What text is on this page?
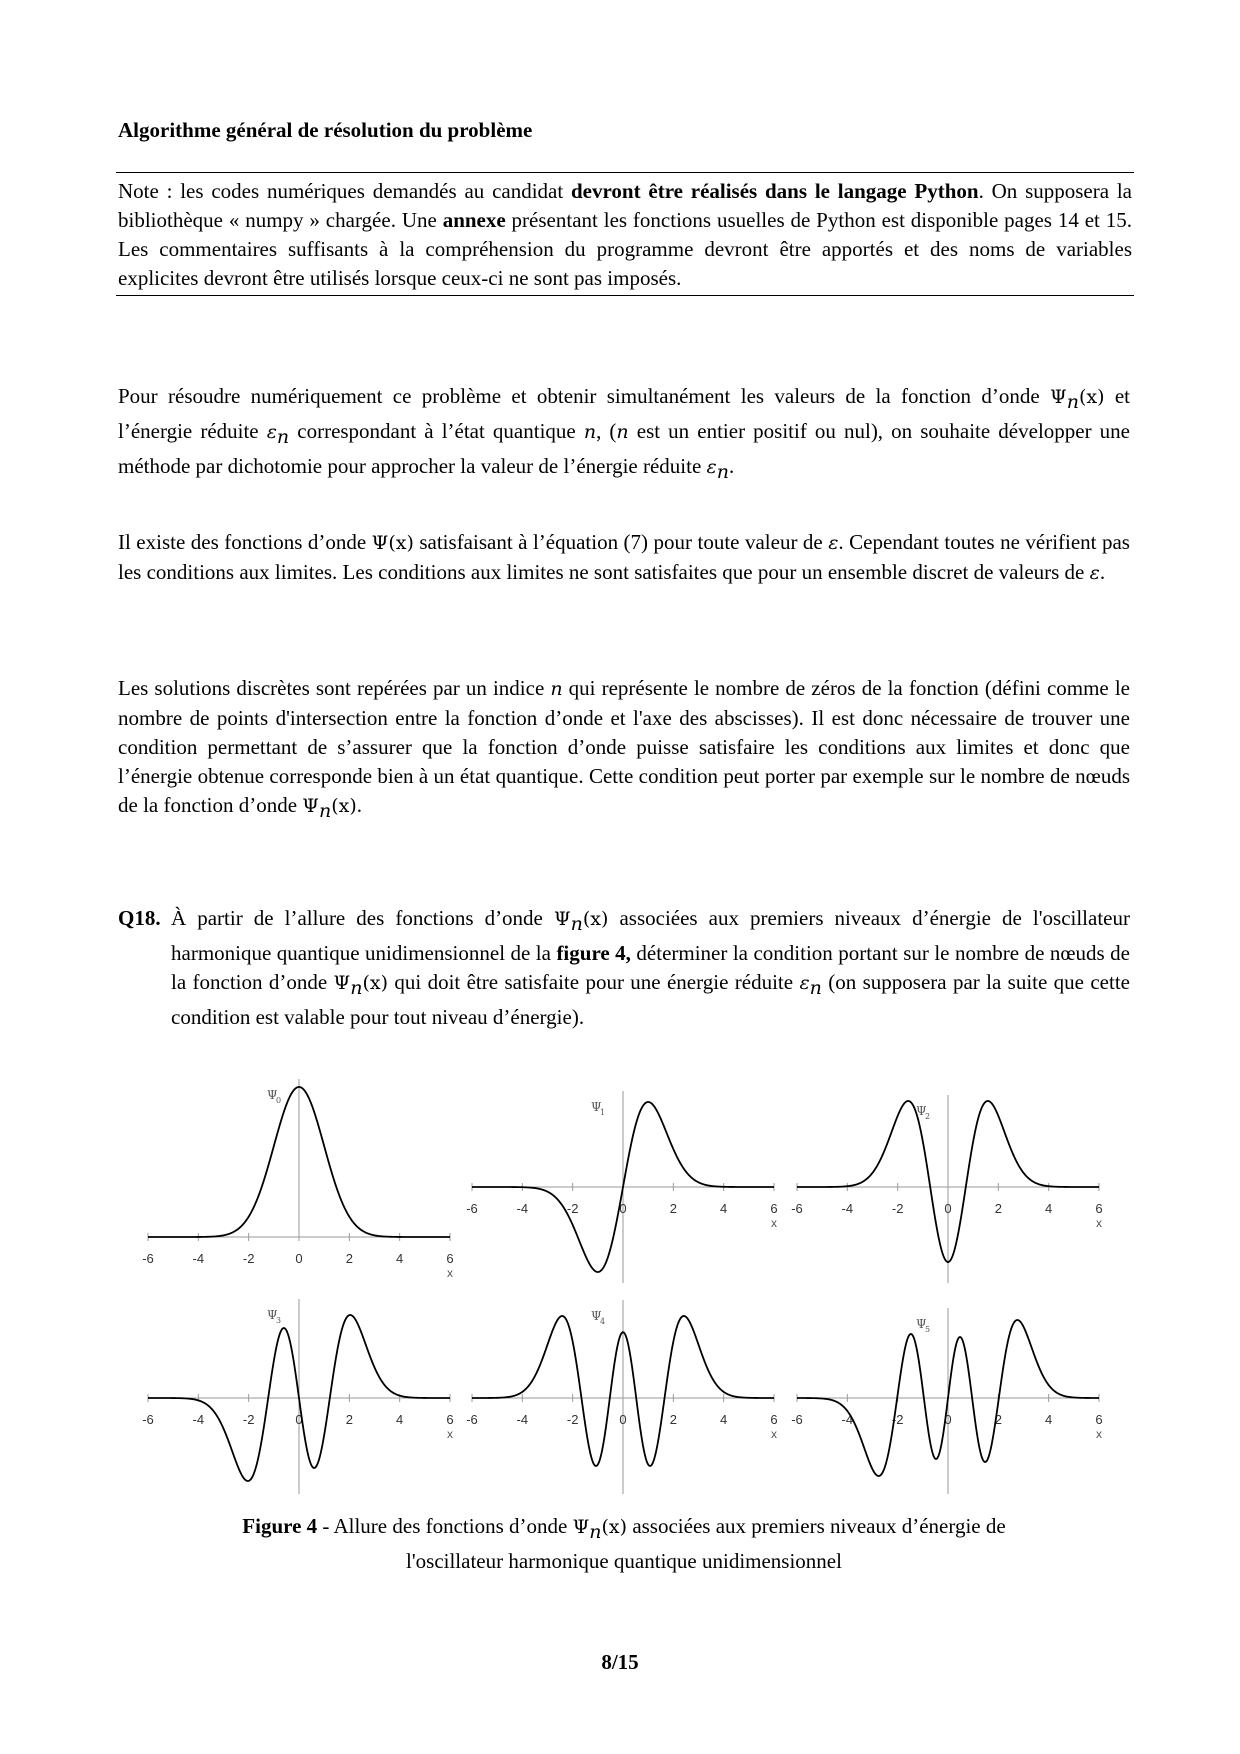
Algorithme général de résolution du problème
Note : les codes numériques demandés au candidat devront être réalisés dans le langage Python. On supposera la bibliothèque « numpy » chargée. Une annexe présentant les fonctions usuelles de Python est disponible pages 14 et 15. Les commentaires suffisants à la compréhension du programme devront être apportés et des noms de variables explicites devront être utilisés lorsque ceux-ci ne sont pas imposés.
Pour résoudre numériquement ce problème et obtenir simultanément les valeurs de la fonction d’onde $\Psi_n(x)$ et l’énergie réduite $\varepsilon_n$ correspondant à l’état quantique n, (n est un entier positif ou nul), on souhaite développer une méthode par dichotomie pour approcher la valeur de l’énergie réduite $\varepsilon_n$.
Il existe des fonctions d’onde Ψ(x) satisfaisant à l’équation (7) pour toute valeur de ε. Cependant toutes ne vérifient pas les conditions aux limites. Les conditions aux limites ne sont satisfaites que pour un ensemble discret de valeurs de ε.
Les solutions discrètes sont repérées par un indice n qui représente le nombre de zéros de la fonction (défini comme le nombre de points d'intersection entre la fonction d’onde et l'axe des abscisses). Il est donc nécessaire de trouver une condition permettant de s’assurer que la fonction d’onde puisse satisfaire les conditions aux limites et donc que l’énergie obtenue corresponde bien à un état quantique. Cette condition peut porter par exemple sur le nombre de nœuds de la fonction d’onde $\Psi_n(x)$.
Q18. À partir de l’allure des fonctions d’onde $\Psi_n(x)$ associées aux premiers niveaux d’énergie de l'oscillateur harmonique quantique unidimensionnel de la figure 4, déterminer la condition portant sur le nombre de nœuds de la fonction d’onde $\Psi_n(x)$ qui doit être satisfaite pour une énergie réduite $\varepsilon_n$ (on supposera par la suite que cette condition est valable pour tout niveau d’énergie).
-6	-4	-2	0	2	4	6
x
Ψ
0
-6	-4	-2	0	2	4	6
x
Ψ
1
-6	-4	-2	0	2	4	6
x
Ψ
2
-6	-4	-2	0	2	4	6
x
Ψ
3
-6	-4	-2	0	2	4	6
x
Ψ
4
-6	-4	-2	0	2	4	6
x
Ψ
5
Figure 4 - Allure des fonctions d’onde $\Psi_n(x)$ associées aux premiers niveaux d’énergie de
l'oscillateur harmonique quantique unidimensionnel
8/15
